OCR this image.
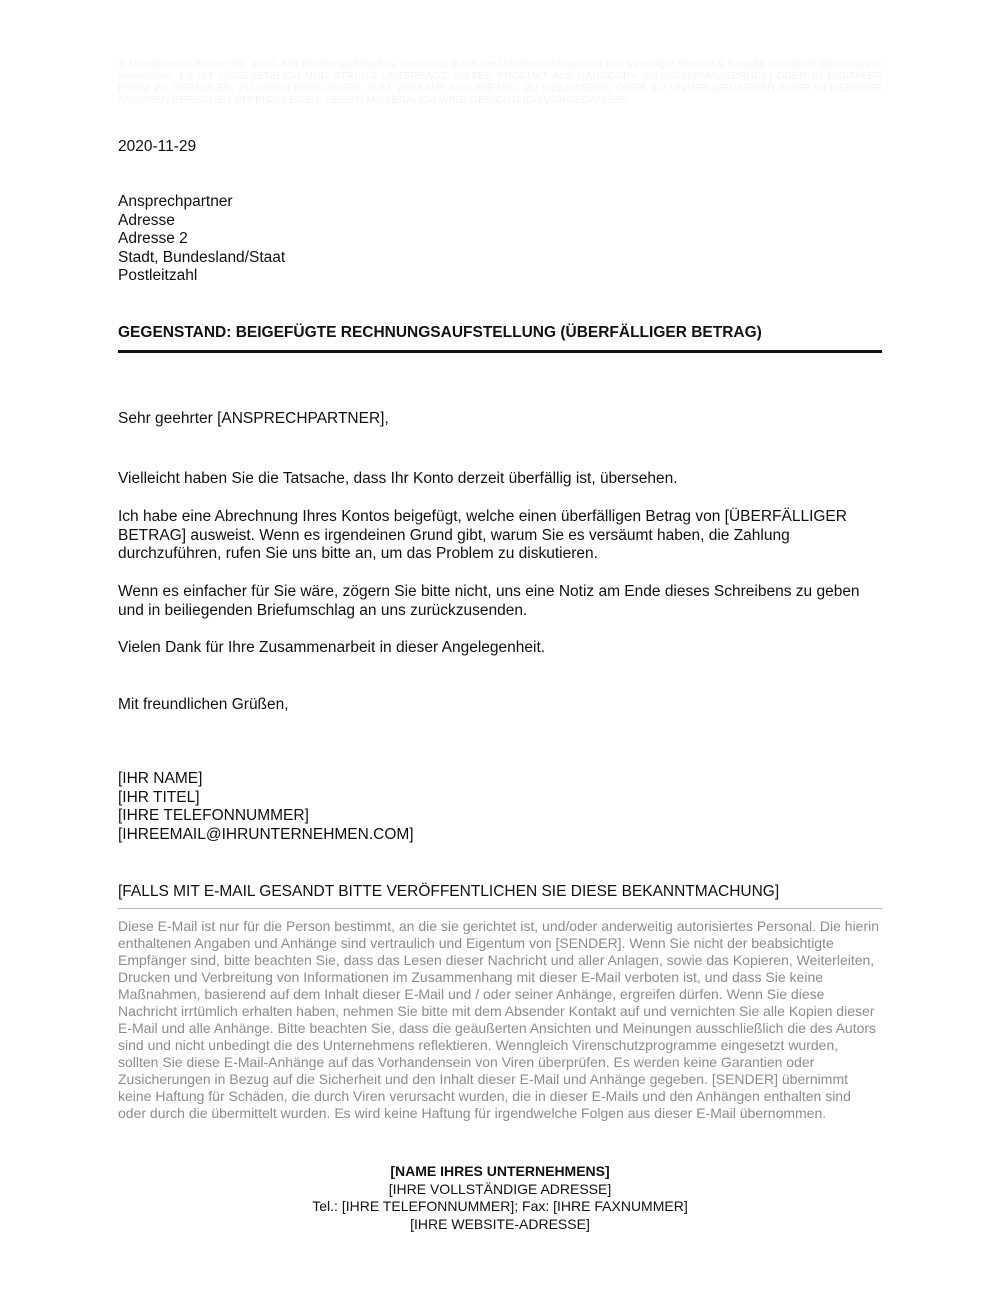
© Urheberrecht Biztree Inc. 2010. Alle Rechte vorbehalten. Geschützt durch die Urheberrechtsgesetze des Vereinigte Staaten & Kanada und durch internationale Abkommen. ES IST UNGESETZLICH UND STRENG UNTERSAGT, DIESES PRODUKT ALS HARDCOPY [BILDSCHIRMAUSDRUCK] ODER IN DIGITALER FORM ZU VERTEILEN, ZU VERÖFFENTLICHEN, ZUM VERKAUF ANZUBIETEN, ZU LIZENZIEREN ODER ZU UNTERLIZENZIEREN ODER GEGENÜBER ANDEREN PERSONEN OFFENZULEGEN. GEGEN MISSBRAUCH WIRD GERICHTLICH VORGEGANGEN.
2020-11-29
Ansprechpartner
Adresse
Adresse 2
Stadt, Bundesland/Staat
Postleitzahl
GEGENSTAND: BEIGEFÜGTE RECHNUNGSAUFSTELLUNG (ÜBERFÄLLIGER BETRAG)
Sehr geehrter [ANSPRECHPARTNER],
Vielleicht haben Sie die Tatsache, dass Ihr Konto derzeit überfällig ist, übersehen.
Ich habe eine Abrechnung Ihres Kontos beigefügt, welche einen überfälligen Betrag von [ÜBERFÄLLIGER BETRAG] ausweist. Wenn es irgendeinen Grund gibt, warum Sie es versäumt haben, die Zahlung durchzuführen, rufen Sie uns bitte an, um das Problem zu diskutieren.
Wenn es einfacher für Sie wäre, zögern Sie bitte nicht, uns eine Notiz am Ende dieses Schreibens zu geben und in beiliegenden Briefumschlag an uns zurückzusenden.
Vielen Dank für Ihre Zusammenarbeit in dieser Angelegenheit.
Mit freundlichen Grüßen,
[IHR NAME]
[IHR TITEL]
[IHRE TELEFONNUMMER]
[IHREEMAIL@IHRUNTERNEHMEN.COM]
[FALLS MIT E-MAIL GESANDT BITTE VERÖFFENTLICHEN SIE DIESE BEKANNTMACHUNG]
Diese E-Mail ist nur für die Person bestimmt, an die sie gerichtet ist, und/oder anderweitig autorisiertes Personal. Die hierin enthaltenen Angaben und Anhänge sind vertraulich und Eigentum von [SENDER]. Wenn Sie nicht der beabsichtigte Empfänger sind, bitte beachten Sie, dass das Lesen dieser Nachricht und aller Anlagen, sowie das Kopieren, Weiterleiten, Drucken und Verbreitung von Informationen im Zusammenhang mit dieser E-Mail verboten ist, und dass Sie keine Maßnahmen, basierend auf dem Inhalt dieser E-Mail und / oder seiner Anhänge, ergreifen dürfen. Wenn Sie diese Nachricht irrtümlich erhalten haben, nehmen Sie bitte mit dem Absender Kontakt auf und vernichten Sie alle Kopien dieser E-Mail und alle Anhänge. Bitte beachten Sie, dass die geäußerten Ansichten und Meinungen ausschließlich die des Autors sind und nicht unbedingt die des Unternehmens reflektieren. Wenngleich Virenschutzprogramme eingesetzt wurden, sollten Sie diese E-Mail-Anhänge auf das Vorhandensein von Viren überprüfen. Es werden keine Garantien oder Zusicherungen in Bezug auf die Sicherheit und den Inhalt dieser E-Mail und Anhänge gegeben. [SENDER] übernimmt keine Haftung für Schäden, die durch Viren verursacht wurden, die in dieser E-Mails und den Anhängen enthalten sind oder durch die übermittelt wurden. Es wird keine Haftung für irgendwelche Folgen aus dieser E-Mail übernommen.
[NAME IHRES UNTERNEHMENS]
[IHRE VOLLSTÄNDIGE ADRESSE]
Tel.: [IHRE TELEFONNUMMER]; Fax: [IHRE FAXNUMMER]
[IHRE WEBSITE-ADRESSE]
